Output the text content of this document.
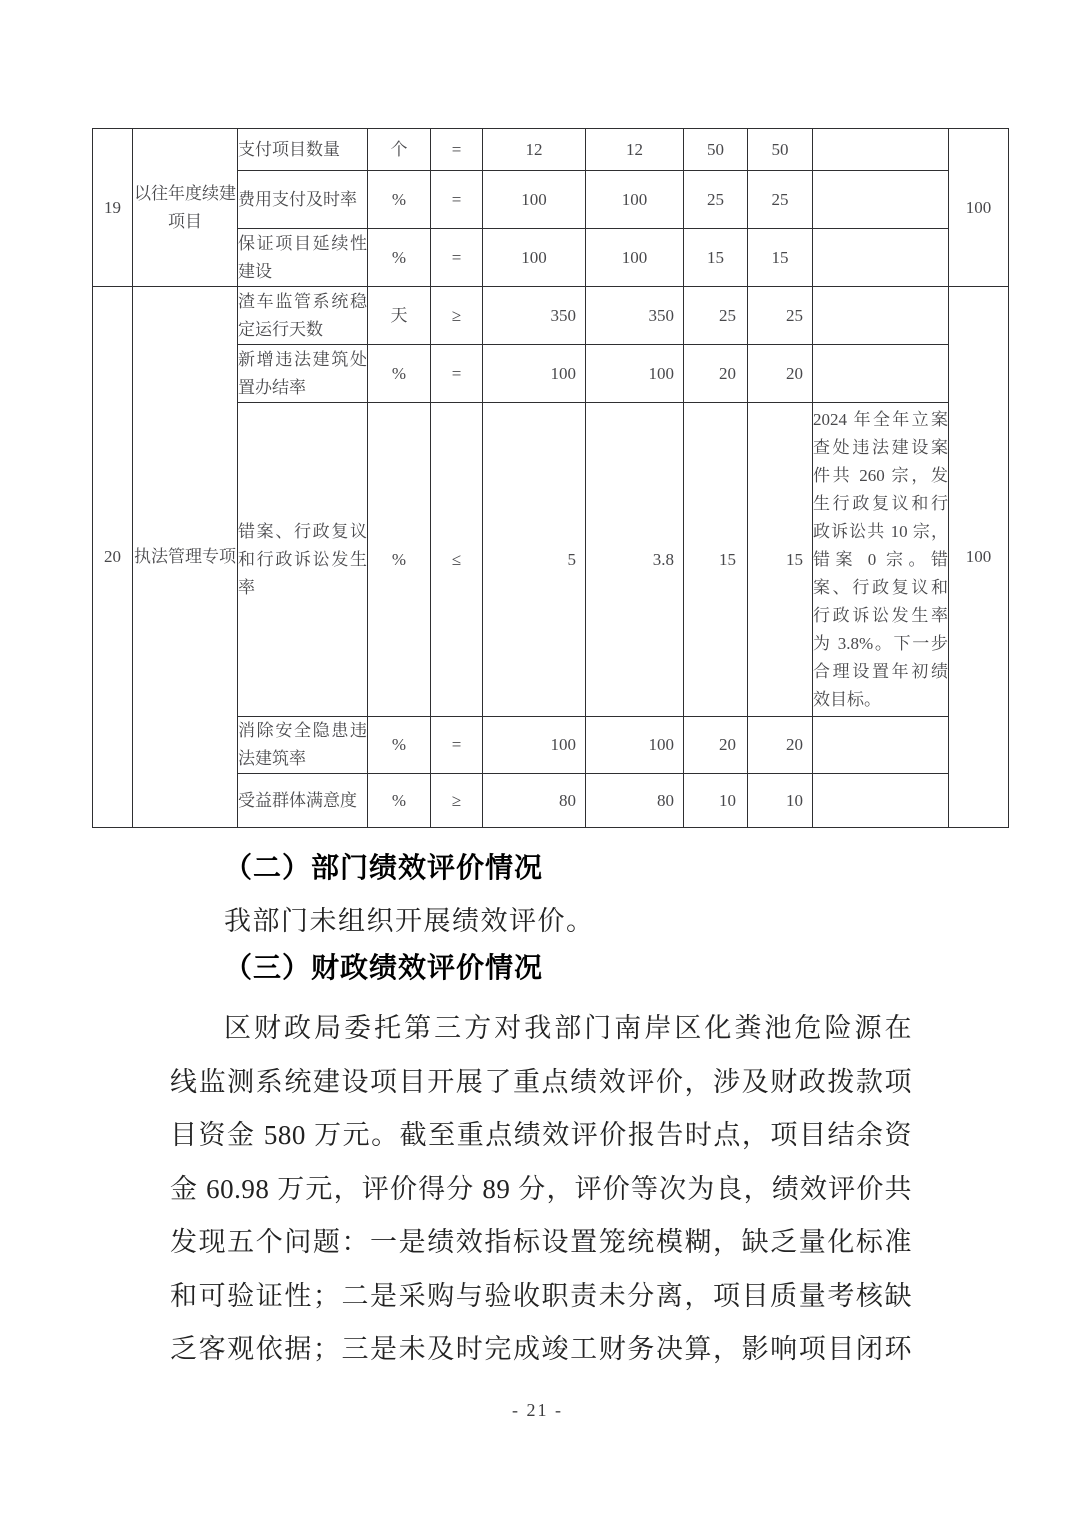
19	以往年度续建项目	支付项目数量	个	=	12	12	50	50		100
		费用支付及时率	%	=	100	100	25	25		
		保证项目延续性建设	%	=	100	100	15	15		
20	执法管理专项	渣车监管系统稳定运行天数	天	≥	350	350	25	25		100
		新增违法建筑处置办结率	%	=	100	100	20	20		
		错案、行政复议和行政诉讼发生率	%	≤	5	3.8	15	15	2024 年全年立案查处违法建设案件共 260 宗，发生行政复议和行政诉讼共 10 宗，错案 0 宗。错案、行政复议和行政诉讼发生率为 3.8%。下一步合理设置年初绩效目标。	
		消除安全隐患违法建筑率	%	=	100	100	20	20		
		受益群体满意度	%	≥	80	80	10	10		
（二）部门绩效评价情况
我部门未组织开展绩效评价。
（三）财政绩效评价情况
区财政局委托第三方对我部门南岸区化粪池危险源在
线监测系统建设项目开展了重点绩效评价，涉及财政拨款项
目资金 580 万元。截至重点绩效评价报告时点，项目结余资
金 60.98 万元，评价得分 89 分，评价等次为良，绩效评价共
发现五个问题：一是绩效指标设置笼统模糊，缺乏量化标准
和可验证性；二是采购与验收职责未分离，项目质量考核缺
乏客观依据；三是未及时完成竣工财务决算，影响项目闭环
- 21 -
